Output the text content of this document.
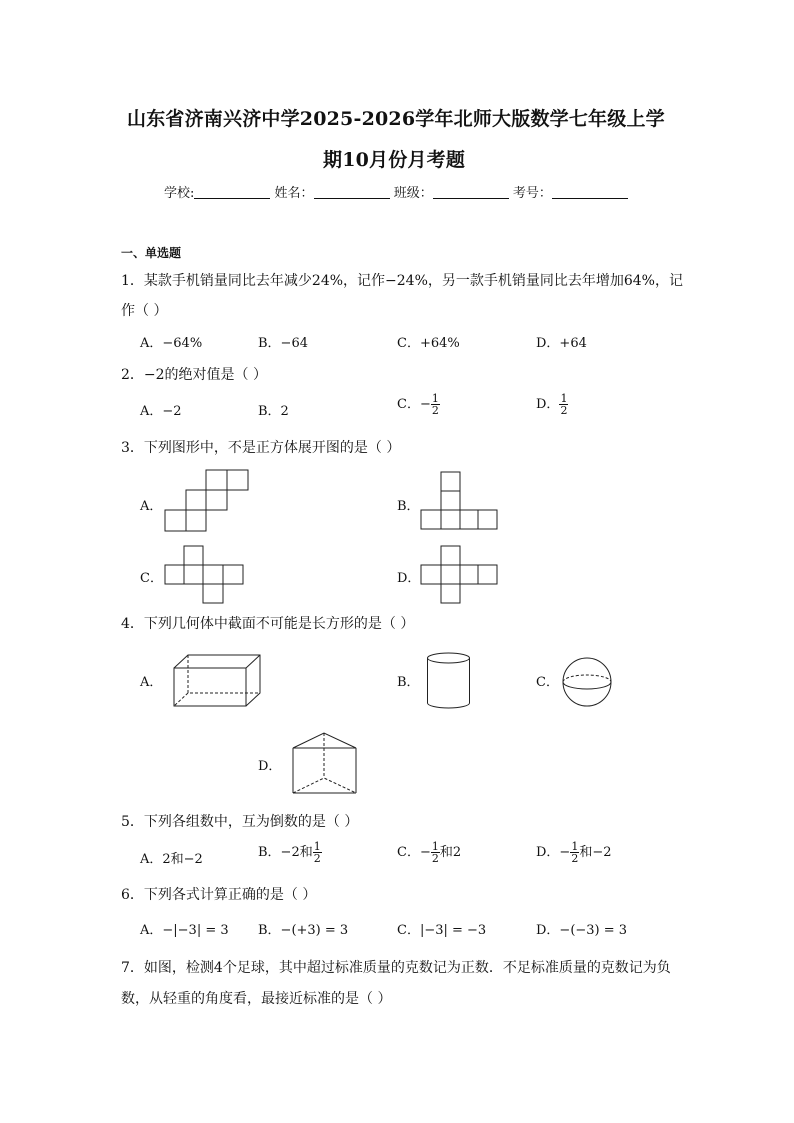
山东省济南兴济中学2025-2026学年北师大版数学七年级上学
期10月份月考题
学校:	姓名：	班级：	考号：
一、单选题
1．某款手机销量同比去年减少24%，记作−24%，另一款手机销量同比去年增加64%，记
作（ ）
A．−64%	B．−64	C．+64%	D．+64
2．−2的绝对值是（ ）
A．−2	B．2	C．− $\frac{1}{2}$	D． $\frac{1}{2}$
3．下列图形中，不是正方体展开图的是（ ）
A．	B．
C．	D．
4．下列几何体中截面不可能是长方形的是（ ）
A．	B．	C．
D．
5．下列各组数中，互为倒数的是（ ）
A．2和−2	B．−2和 $\frac{1}{2}$	C．− $\frac{1}{2}$ 和2	D．− $\frac{1}{2}$ 和−2
6．下列各式计算正确的是（ ）
A．−|−3| = 3 B．−(+3) = 3	C．|−3| = −3	D．−(−3) = 3
7．如图，检测4个足球，其中超过标准质量的克数记为正数．不足标准质量的克数记为负
数，从轻重的角度看，最接近标准的是（ ）
